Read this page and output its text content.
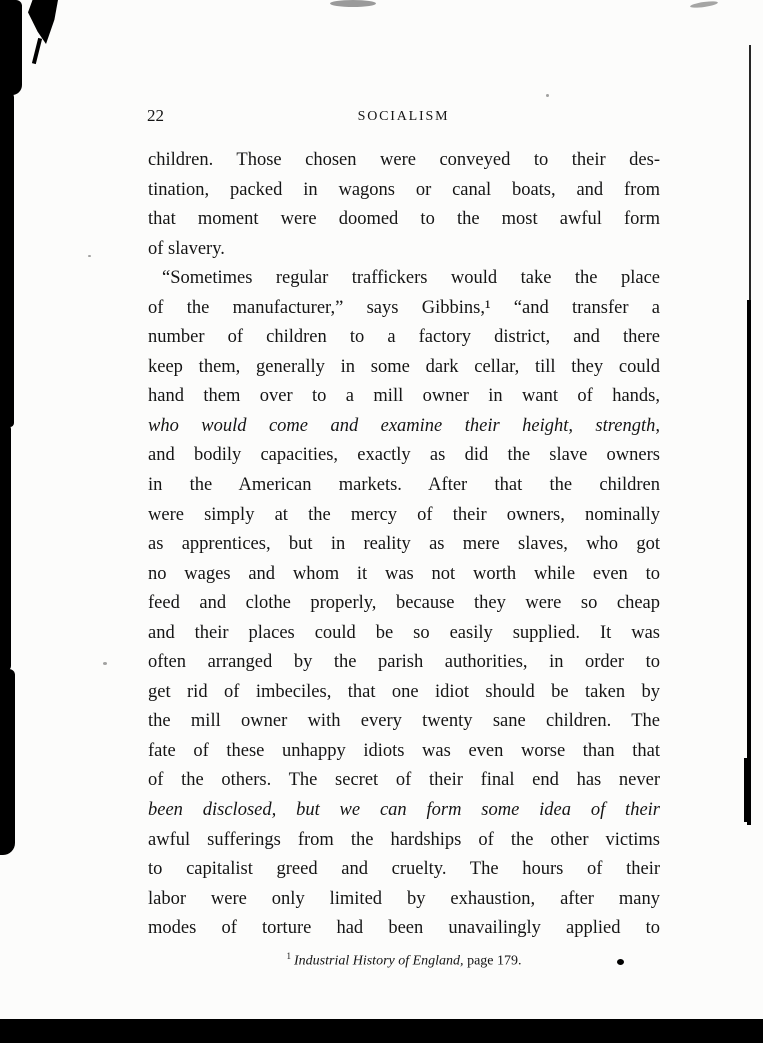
22	SOCIALISM
children. Those chosen were conveyed to their des-
tination, packed in wagons or canal boats, and from
that moment were doomed to the most awful form
of slavery.
“Sometimes regular traffickers would take the place
of the manufacturer,” says Gibbins,¹ “and transfer a
number of children to a factory district, and there
keep them, generally in some dark cellar, till they could
hand them over to a mill owner in want of hands,
who would come and examine their height, strength,
and bodily capacities, exactly as did the slave owners
in the American markets. After that the children
were simply at the mercy of their owners, nominally
as apprentices, but in reality as mere slaves, who got
no wages and whom it was not worth while even to
feed and clothe properly, because they were so cheap
and their places could be so easily supplied. It was
often arranged by the parish authorities, in order to
get rid of imbeciles, that one idiot should be taken by
the mill owner with every twenty sane children. The
fate of these unhappy idiots was even worse than that
of the others. The secret of their final end has never
been disclosed, but we can form some idea of their
awful sufferings from the hardships of the other victims
to capitalist greed and cruelty. The hours of their
labor were only limited by exhaustion, after many
modes of torture had been unavailingly applied to
$^1$ Industrial History of England, page 179.
